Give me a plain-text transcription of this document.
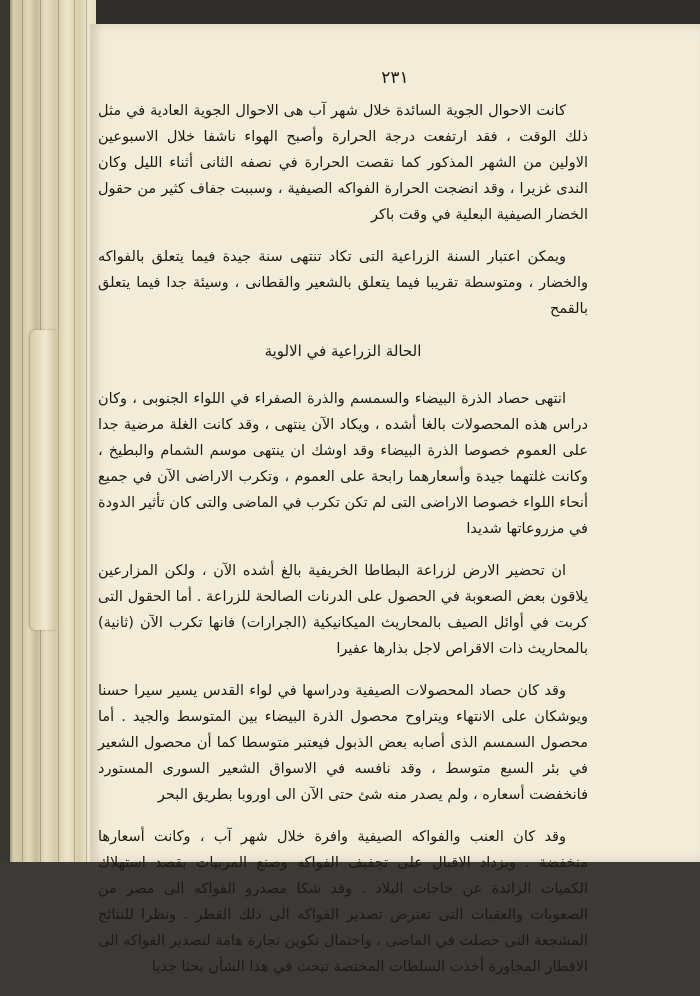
٢٣١

كانت الاحوال الجوية السائدة خلال شهر آب هى الاحوال الجوية العادية في مثل ذلك الوقت ، فقد ارتفعت درجة الحرارة وأصبح الهواء ناشفا خلال الاسبوعين الاولين من الشهر المذكور كما نقصت الحرارة في نصفه الثانى أثناء الليل وكان الندى غزيرا ، وقد انضجت الحرارة الفواكه الصيفية ، وسببت جفاف كثير من حقول الخضار الصيفية البعلية في وقت باكر

ويمكن اعتبار السنة الزراعية التى تكاد تنتهى سنة جيدة فيما يتعلق بالفواكه والخضار ، ومتوسطة تقريبا فيما يتعلق بالشعير والقطانى ، وسيئة جدا فيما يتعلق بالقمح

الحالة الزراعية في الالوية

انتهى حصاد الذرة البيضاء والسمسم والذرة الصفراء في اللواء الجنوبى ، وكان دراس هذه المحصولات بالغا أشده ، ويكاد الآن ينتهى ، وقد كانت الغلة مرضية جدا على العموم خصوصا الذرة البيضاء وقد اوشك ان ينتهى موسم الشمام والبطيخ ، وكانت غلتهما جيدة وأسعارهما رابحة على العموم ، وتكرب الاراضى الآن في جميع أنحاء اللواء خصوصا الاراضى التى لم تكن تكرب في الماضى والتى كان تأثير الدودة في مزروعاتها شديدا

ان تحضير الارض لزراعة البطاطا الخريفية بالغ أشده الآن ، ولكن المزارعين يلاقون بعض الصعوبة في الحصول على الدرنات الصالحة للزراعة . أما الحقول التى كربت في أوائل الصيف بالمحاريث الميكانيكية (الجرارات) فانها تكرب الآن (ثانية) بالمحاريث ذات الاقراص لاجل بذارها عفيرا

وقد كان حصاد المحصولات الصيفية ودراسها في لواء القدس يسير سيرا حسنا ويوشكان على الانتهاء ويتراوح محصول الذرة البيضاء بين المتوسط والجيد . أما محصول السمسم الذى أصابه بعض الذبول فيعتبر متوسطا كما أن محصول الشعير في بئر السبع متوسط ، وقد نافسه في الاسواق الشعير السورى المستورد فانخفضت أسعاره ، ولم يصدر منه شئ حتى الآن الى اوروبا بطريق البحر

وقد كان العنب والفواكه الصيفية وافرة خلال شهر آب ، وكانت أسعارها منخفضة . ويزداد الاقبال على تجفيف الفواكه وصنع المربيات بقصد استهلاك الكميات الزائدة عن حاجات البلاد . وقد شكا مصدرو الفواكه الى مصر من الصعوبات والعقبات التى تعترض تصدير الفواكه الى ذلك القطر . ونظرا للنتائج المشجعة التى حصلت في الماضى ، واحتمال تكوين تجارة هامة لتصدير الفواكه الى الاقطار المجاورة أخذت السلطات المختصة تبحث في هذا الشأن بحثا جديا
